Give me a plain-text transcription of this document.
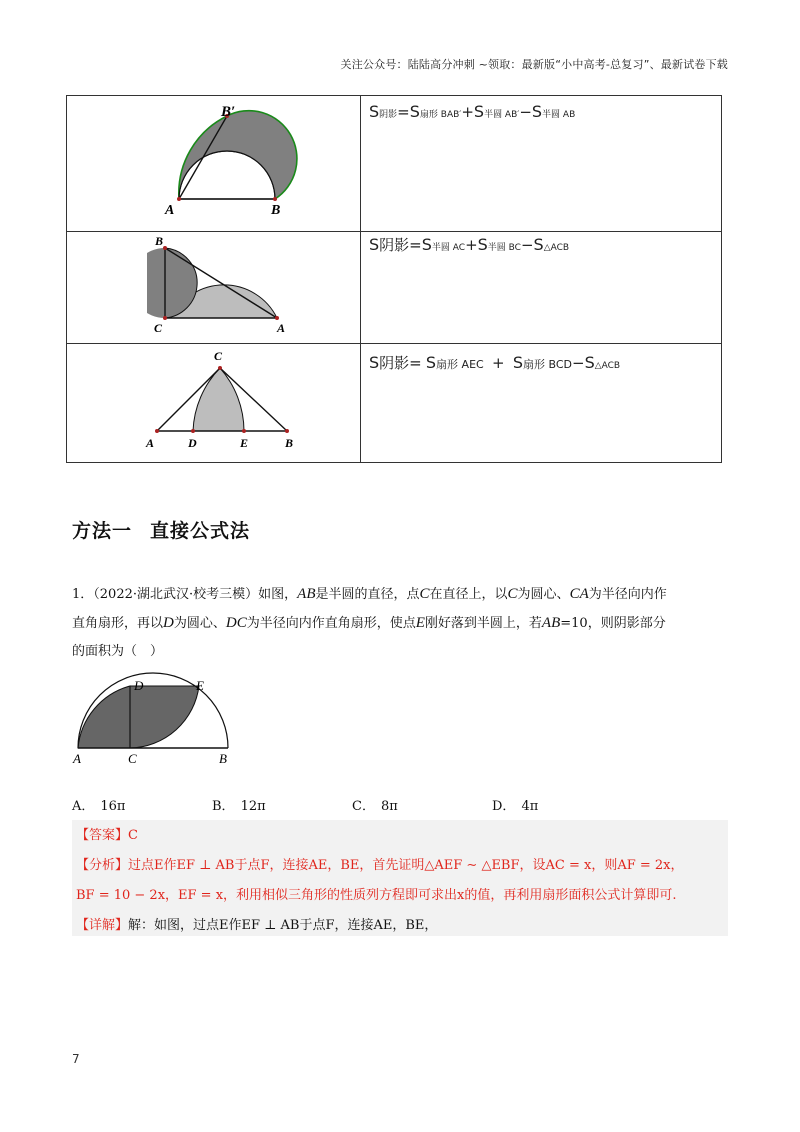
关注公众号：陆陆高分冲刺 ~领取：最新版“小中高考-总复习”、最新试卷下载
B′
A	B
S阴影=S扇形 BAB′+S半圆 AB′−S半圆 AB
B
C	A
S阴影=S半圆 AC+S半圆 BC−S△ACB
C
A	D	E	B
S阴影= S扇形 AEC + S扇形 BCD−S△ACB
方法一 直接公式法
1．（2022·湖北武汉·校考三模）如图，AB是半圆的直径，点C在直径上，以C为圆心、CA为半径向内作
直角扇形，再以D为圆心、DC为半径向内作直角扇形，使点E刚好落到半圆上，若AB=10，则阴影部分
的面积为（　）
D	E
A	C	B
A． 16π	B． 12π	C． 8π	D． 4π
【答案】C
【分析】过点E作EF ⊥ AB于点F，连接AE，BE，首先证明△AEF ∼ △EBF，设AC = x，则AF = 2x，
BF = 10 − 2x，EF = x，利用相似三角形的性质列方程即可求出x的值，再利用扇形面积公式计算即可.
【详解】解：如图，过点E作EF ⊥ AB于点F，连接AE，BE，
7
